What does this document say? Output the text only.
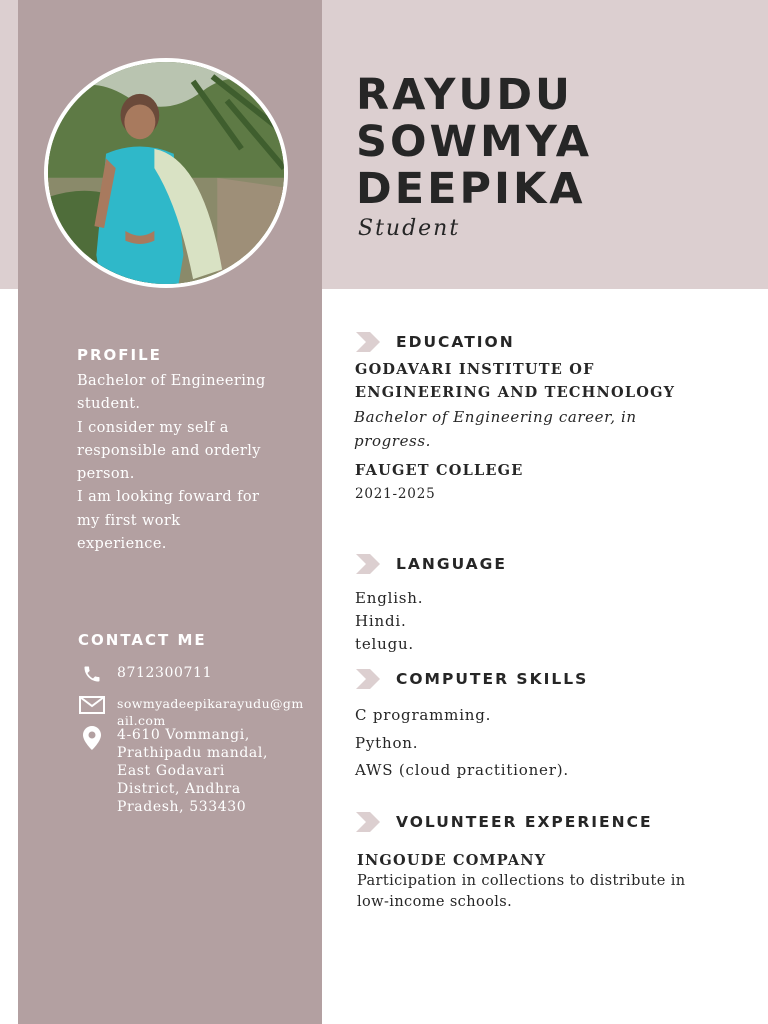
RAYUDU
SOWMYA
DEEPIKA
Student
PROFILE
Bachelor of Engineering
student.
I consider my self a
responsible and orderly
person.
I am looking foward for
my first work
experience.
CONTACT ME
8712300711
sowmyadeepikarayudu@gm
ail.com
4-610 Vommangi,
Prathipadu mandal,
East Godavari
District, Andhra
Pradesh, 533430
EDUCATION
GODAVARI INSTITUTE OF
ENGINEERING AND TECHNOLOGY
Bachelor of Engineering career, in
progress.
FAUGET COLLEGE
2021-2025
LANGUAGE
English.
Hindi.
telugu.
COMPUTER SKILLS
C programming.
Python.
AWS (cloud practitioner).
VOLUNTEER EXPERIENCE
INGOUDE COMPANY
Participation in collections to distribute in
low-income schools.
